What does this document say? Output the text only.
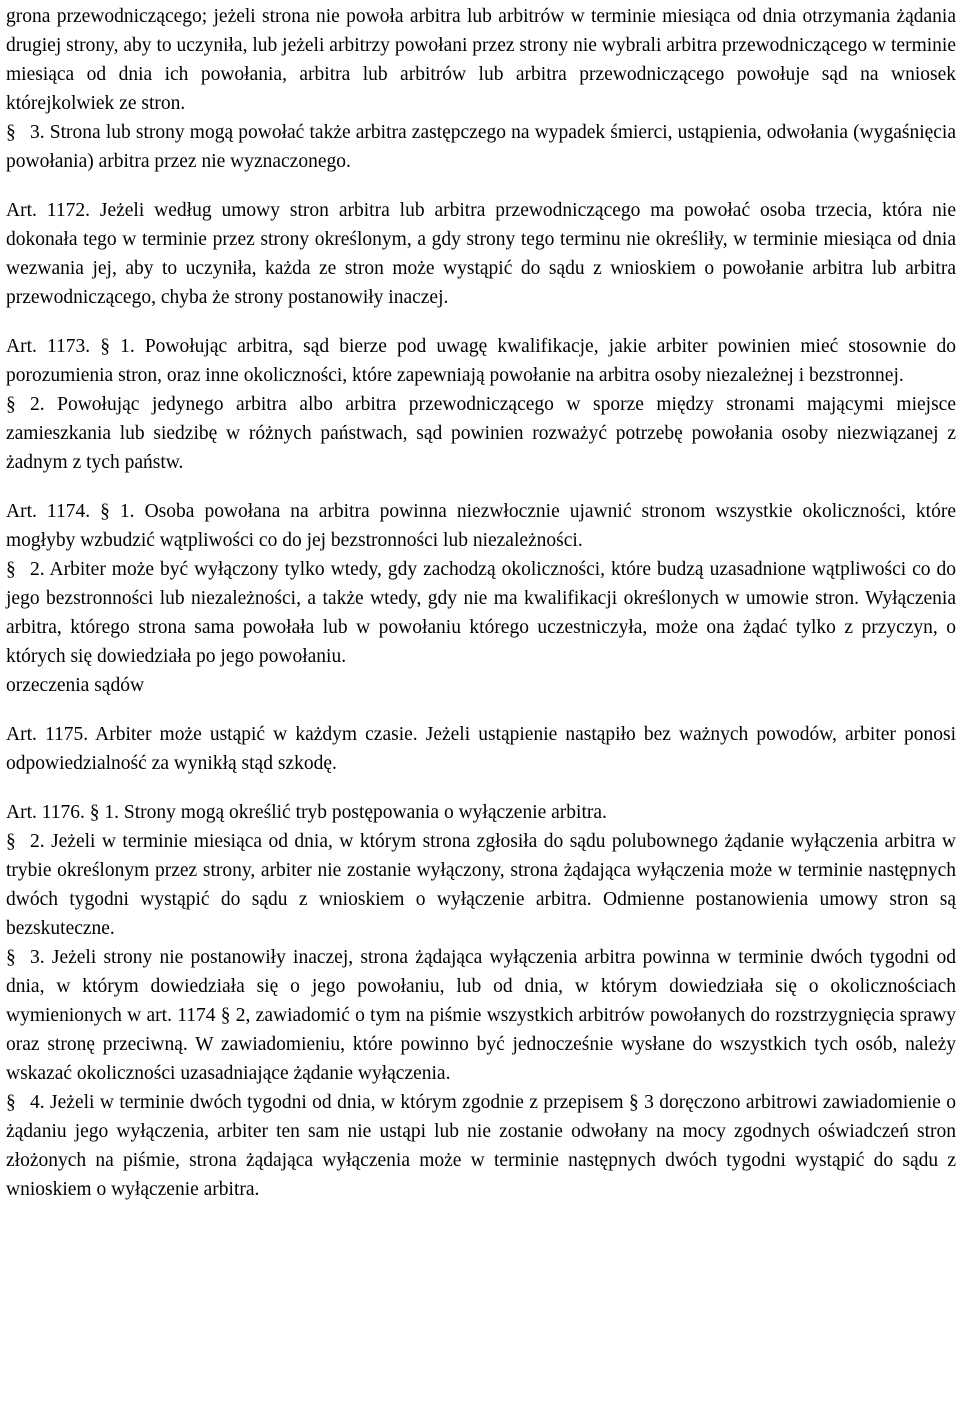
grona przewodniczącego; jeżeli strona nie powoła arbitra lub arbitrów w terminie miesiąca od dnia otrzymania żądania drugiej strony, aby to uczyniła, lub jeżeli arbitrzy powołani przez strony nie wybrali arbitra przewodniczącego w terminie miesiąca od dnia ich powołania, arbitra lub arbitrów lub arbitra przewodniczącego powołuje sąd na wniosek którejkolwiek ze stron.

§ 3. Strona lub strony mogą powołać także arbitra zastępczego na wypadek śmierci, ustąpienia, odwołania (wygaśnięcia powołania) arbitra przez nie wyznaczonego.

Art. 1172. Jeżeli według umowy stron arbitra lub arbitra przewodniczącego ma powołać osoba trzecia, która nie dokonała tego w terminie przez strony określonym, a gdy strony tego terminu nie określiły, w terminie miesiąca od dnia wezwania jej, aby to uczyniła, każda ze stron może wystąpić do sądu z wnioskiem o powołanie arbitra lub arbitra przewodniczącego, chyba że strony postanowiły inaczej.

Art. 1173. § 1. Powołując arbitra, sąd bierze pod uwagę kwalifikacje, jakie arbiter powinien mieć stosownie do porozumienia stron, oraz inne okoliczności, które zapewniają powołanie na arbitra osoby niezależnej i bezstronnej.

§ 2. Powołując jedynego arbitra albo arbitra przewodniczącego w sporze między stronami mającymi miejsce zamieszkania lub siedzibę w różnych państwach, sąd powinien rozważyć potrzebę powołania osoby niezwiązanej z żadnym z tych państw.

Art. 1174. § 1. Osoba powołana na arbitra powinna niezwłocznie ujawnić stronom wszystkie okoliczności, które mogłyby wzbudzić wątpliwości co do jej bezstronności lub niezależności.

§ 2. Arbiter może być wyłączony tylko wtedy, gdy zachodzą okoliczności, które budzą uzasadnione wątpliwości co do jego bezstronności lub niezależności, a także wtedy, gdy nie ma kwalifikacji określonych w umowie stron. Wyłączenia arbitra, którego strona sama powołała lub w powołaniu którego uczestniczyła, może ona żądać tylko z przyczyn, o których się dowiedziała po jego powołaniu.

orzeczenia sądów

Art. 1175. Arbiter może ustąpić w każdym czasie. Jeżeli ustąpienie nastąpiło bez ważnych powodów, arbiter ponosi odpowiedzialność za wynikłą stąd szkodę.

Art. 1176. § 1. Strony mogą określić tryb postępowania o wyłączenie arbitra.

§ 2. Jeżeli w terminie miesiąca od dnia, w którym strona zgłosiła do sądu polubownego żądanie wyłączenia arbitra w trybie określonym przez strony, arbiter nie zostanie wyłączony, strona żądająca wyłączenia może w terminie następnych dwóch tygodni wystąpić do sądu z wnioskiem o wyłączenie arbitra. Odmienne postanowienia umowy stron są bezskuteczne.

§ 3. Jeżeli strony nie postanowiły inaczej, strona żądająca wyłączenia arbitra powinna w terminie dwóch tygodni od dnia, w którym dowiedziała się o jego powołaniu, lub od dnia, w którym dowiedziała się o okolicznościach wymienionych w art. 1174 § 2, zawiadomić o tym na piśmie wszystkich arbitrów powołanych do rozstrzygnięcia sprawy oraz stronę przeciwną. W zawiadomieniu, które powinno być jednocześnie wysłane do wszystkich tych osób, należy wskazać okoliczności uzasadniające żądanie wyłączenia.

§ 4. Jeżeli w terminie dwóch tygodni od dnia, w którym zgodnie z przepisem § 3 doręczono arbitrowi zawiadomienie o żądaniu jego wyłączenia, arbiter ten sam nie ustąpi lub nie zostanie odwołany na mocy zgodnych oświadczeń stron złożonych na piśmie, strona żądająca wyłączenia może w terminie następnych dwóch tygodni wystąpić do sądu z wnioskiem o wyłączenie arbitra.
